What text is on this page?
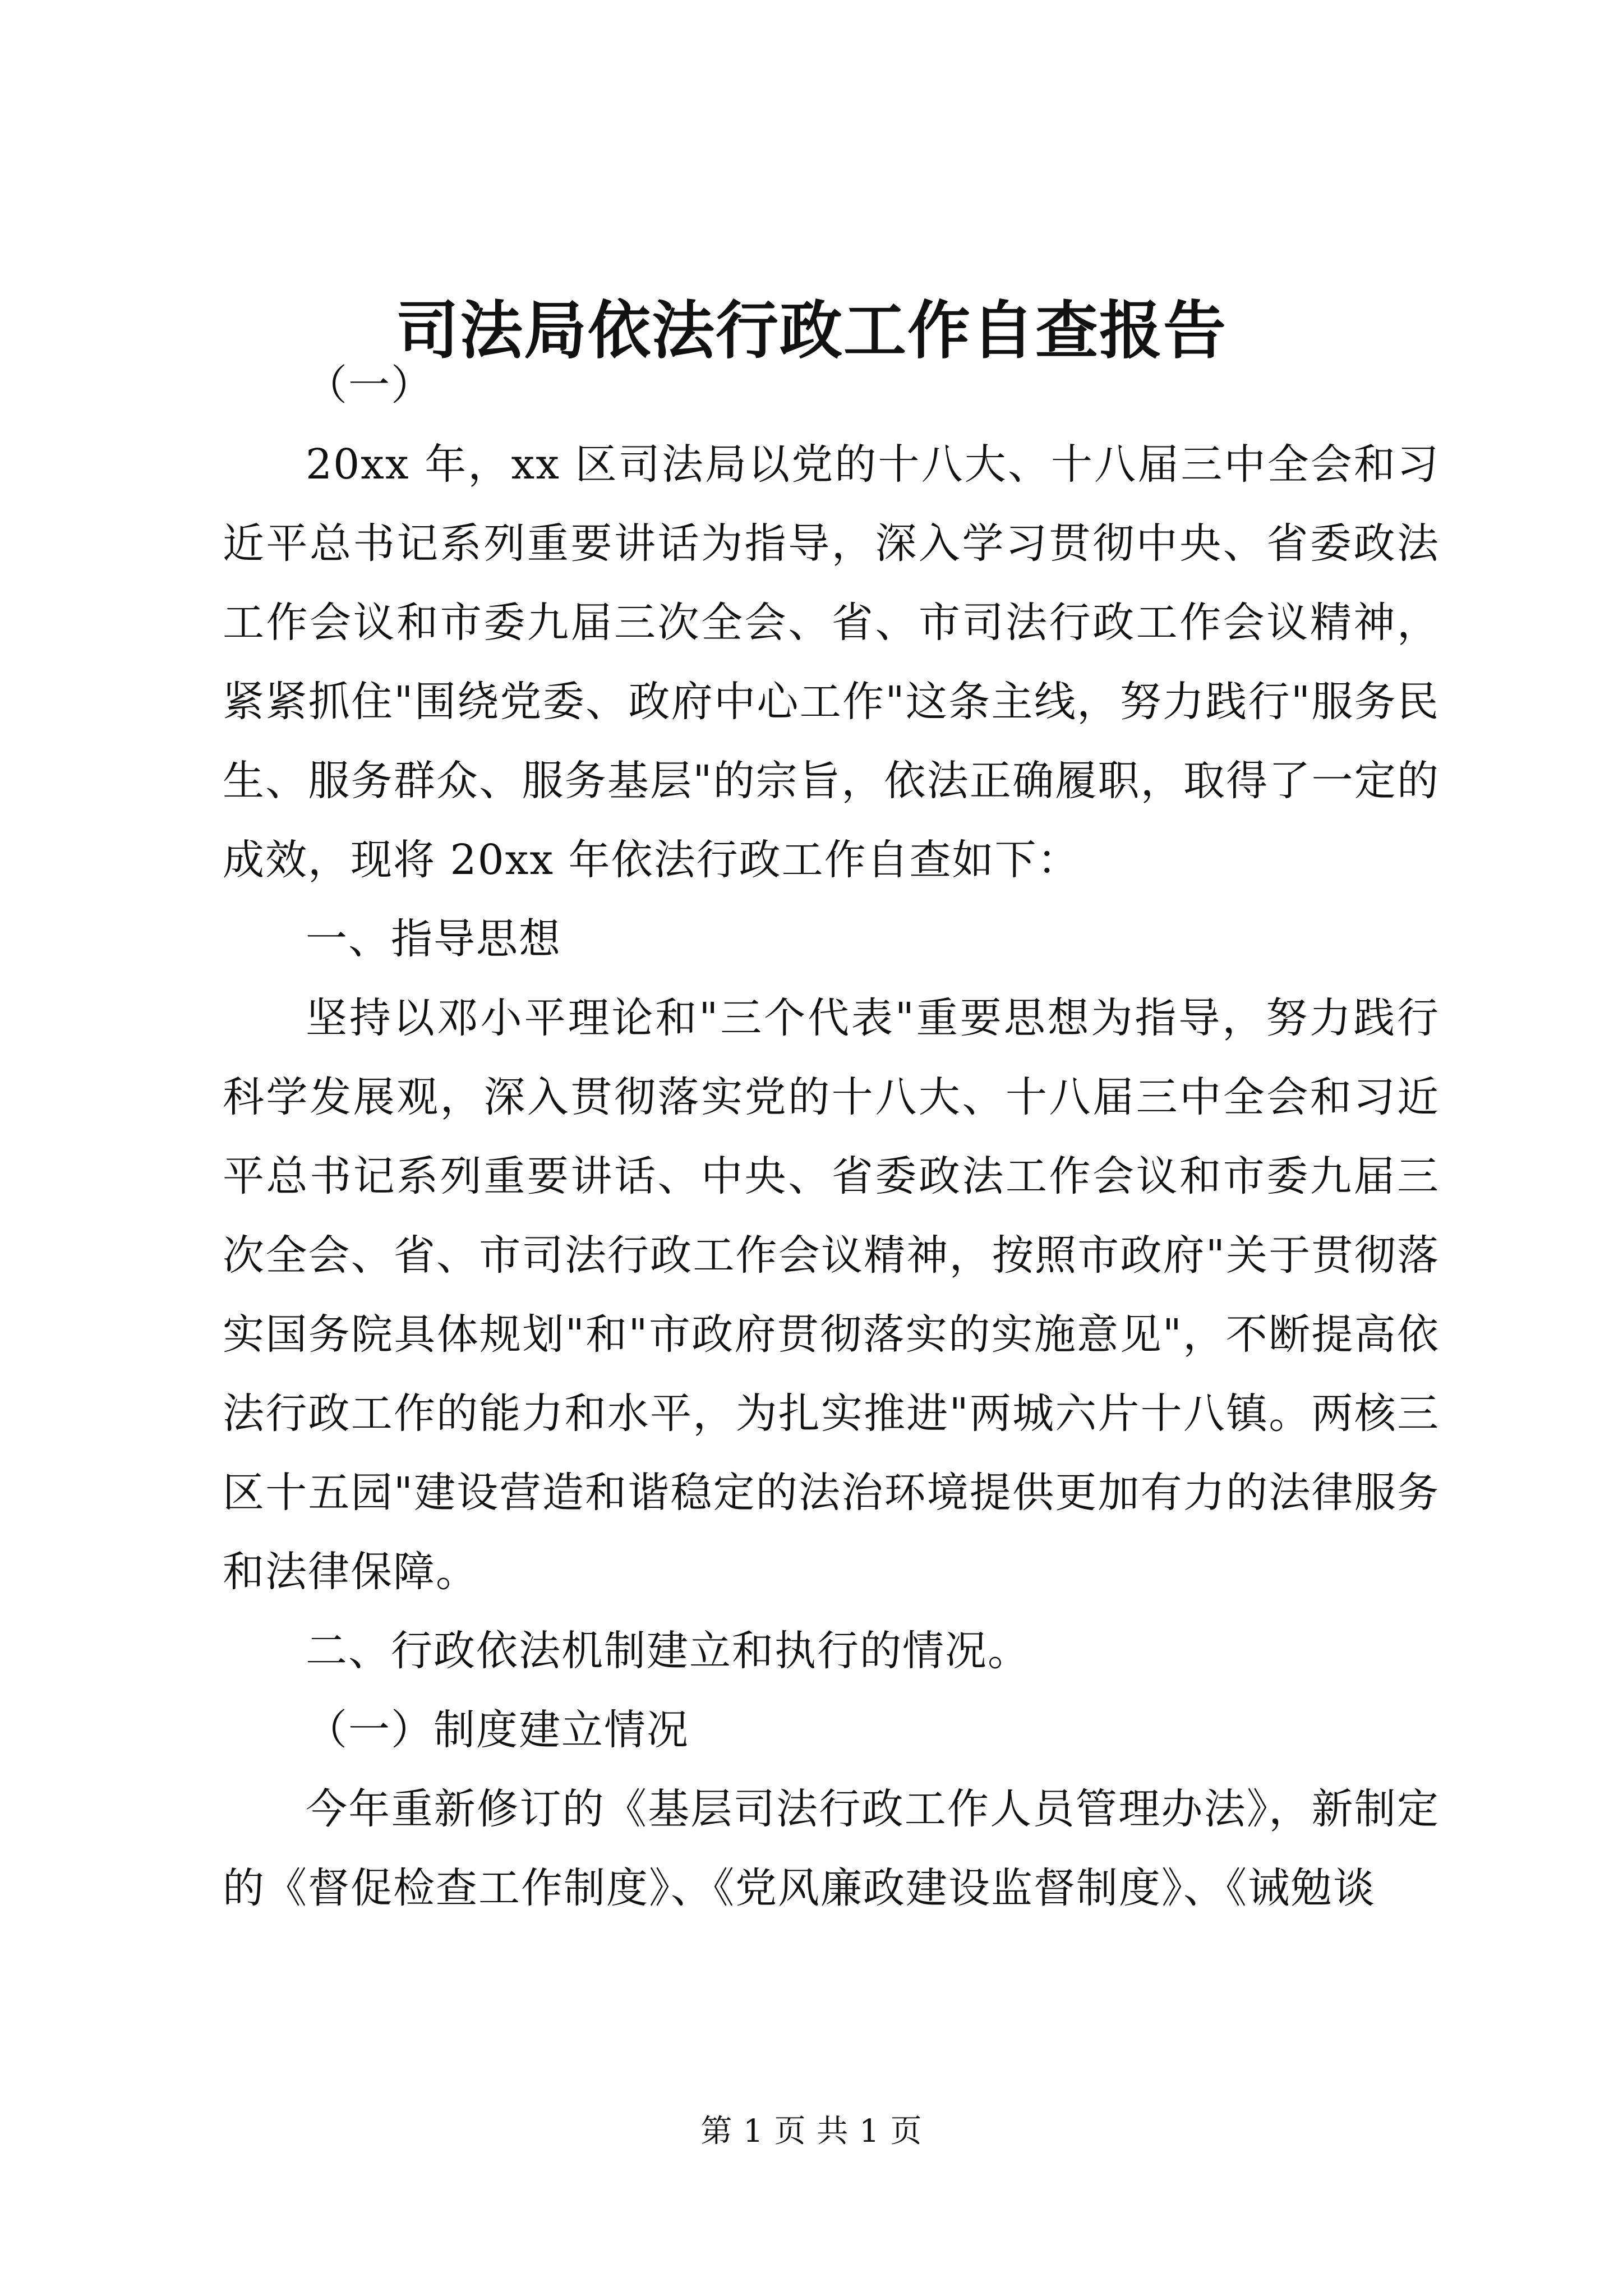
司法局依法行政工作自查报告

（一）

20xx 年，xx 区司法局以党的十八大、十八届三中全会和习近平总书记系列重要讲话为指导，深入学习贯彻中央、省委政法工作会议和市委九届三次全会、省、市司法行政工作会议精神，紧紧抓住"围绕党委、政府中心工作"这条主线，努力践行"服务民生、服务群众、服务基层"的宗旨，依法正确履职，取得了一定的成效，现将 20xx 年依法行政工作自查如下：

一、指导思想

坚持以邓小平理论和"三个代表"重要思想为指导，努力践行科学发展观，深入贯彻落实党的十八大、十八届三中全会和习近平总书记系列重要讲话、中央、省委政法工作会议和市委九届三次全会、省、市司法行政工作会议精神，按照市政府"关于贯彻落实国务院具体规划"和"市政府贯彻落实的实施意见"，不断提高依法行政工作的能力和水平，为扎实推进"两城六片十八镇。两核三区十五园"建设营造和谐稳定的法治环境提供更加有力的法律服务和法律保障。

二、行政依法机制建立和执行的情况。

（一）制度建立情况

今年重新修订的《基层司法行政工作人员管理办法》，新制定的《督促检查工作制度》、《党风廉政建设监督制度》、《诫勉谈

第 1 页 共 1 页
